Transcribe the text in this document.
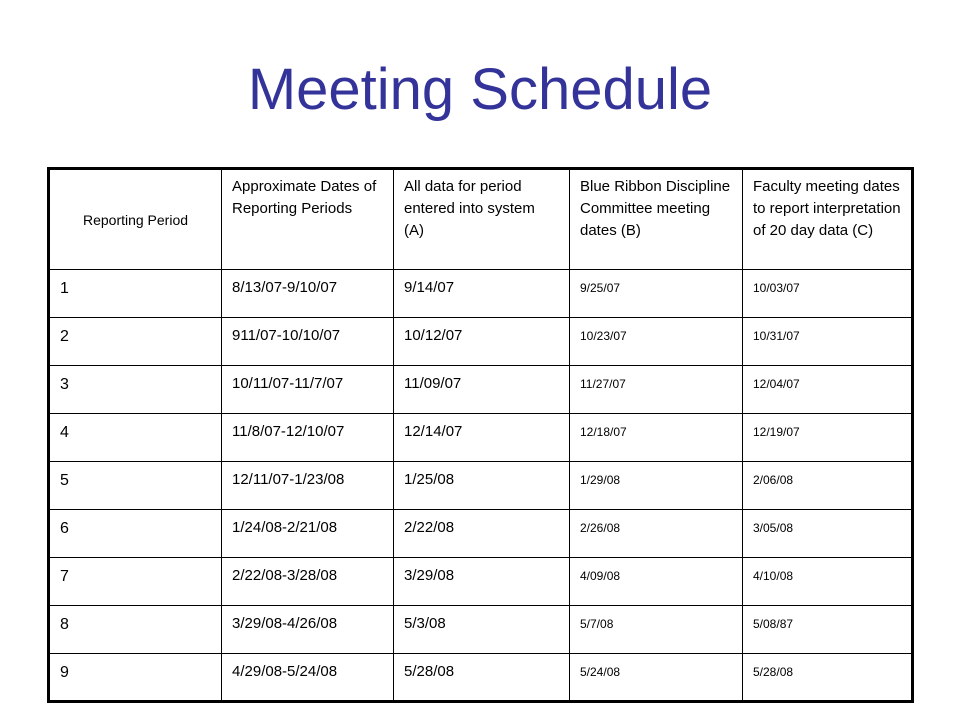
Meeting Schedule
Reporting Period	Approximate Dates of Reporting Periods	All data for period entered into system (A)	Blue Ribbon Discipline Committee meeting dates (B)	Faculty meeting dates to report interpretation of 20 day data (C)
1	8/13/07-9/10/07	9/14/07	9/25/07	10/03/07
2	911/07-10/10/07	10/12/07	10/23/07	10/31/07
3	10/11/07-11/7/07	11/09/07	11/27/07	12/04/07
4	11/8/07-12/10/07	12/14/07	12/18/07	12/19/07
5	12/11/07-1/23/08	1/25/08	1/29/08	2/06/08
6	1/24/08-2/21/08	2/22/08	2/26/08	3/05/08
7	2/22/08-3/28/08	3/29/08	4/09/08	4/10/08
8	3/29/08-4/26/08	5/3/08	5/7/08	5/08/87
9	4/29/08-5/24/08	5/28/08	5/24/08	5/28/08
